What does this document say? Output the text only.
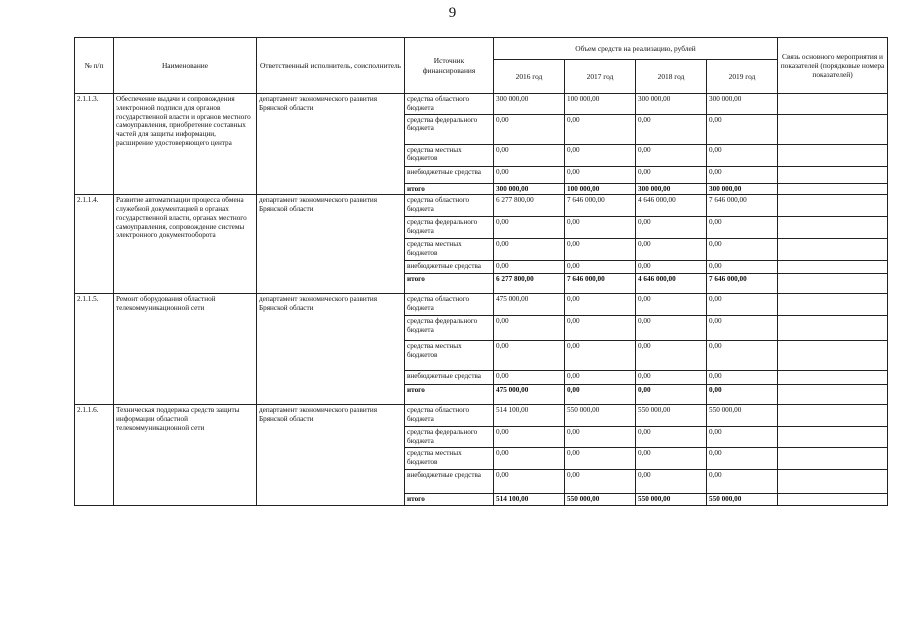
9
№ п/п	Наименование	Ответственный исполнитель, соисполнитель	Источник финансирования	Объем средств на реализацию, рублей				Связь основного мероприятия и показателей (порядковые номера показателей)
				2016 год	2017 год	2018 год	2019 год	
2.1.1.3.	Обеспечение выдачи и сопровождения электронной подписи для органов государственной власти и органов местного самоуправления, приобретение составных частей для защиты информации, расширение удостоверяющего центра	департамент экономического развития Брянской области	средства областного бюджета	300 000,00	100 000,00	300 000,00	300 000,00	
			средства федерального бюджета	0,00	0,00	0,00	0,00	
			средства местных бюджетов	0,00	0,00	0,00	0,00	
			внебюджетные средства	0,00	0,00	0,00	0,00	
			итого	300 000,00	100 000,00	300 000,00	300 000,00	
2.1.1.4.	Развитие автоматизации процесса обмена служебной документацией в органах государственной власти, органах местного самоуправления, сопровождение системы электронного документооборота	департамент экономического развития Брянской области	средства областного бюджета	6 277 800,00	7 646 000,00	4 646 000,00	7 646 000,00	
			средства федерального бюджета	0,00	0,00	0,00	0,00	
			средства местных бюджетов	0,00	0,00	0,00	0,00	
			внебюджетные средства	0,00	0,00	0,00	0,00	
			итого	6 277 800,00	7 646 000,00	4 646 000,00	7 646 000,00	
2.1.1.5.	Ремонт оборудования областной телекоммуникационной сети	департамент экономического развития Брянской области	средства областного бюджета	475 000,00	0,00	0,00	0,00	
			средства федерального бюджета	0,00	0,00	0,00	0,00	
			средства местных бюджетов	0,00	0,00	0,00	0,00	
			внебюджетные средства	0,00	0,00	0,00	0,00	
			итого	475 000,00	0,00	0,00	0,00	
2.1.1.6.	Техническая поддержка средств защиты информации областной телекоммуникационной сети	департамент экономического развития Брянской области	средства областного бюджета	514 100,00	550 000,00	550 000,00	550 000,00	
			средства федерального бюджета	0,00	0,00	0,00	0,00	
			средства местных бюджетов	0,00	0,00	0,00	0,00	
			внебюджетные средства	0,00	0,00	0,00	0,00	
			итого	514 100,00	550 000,00	550 000,00	550 000,00	
